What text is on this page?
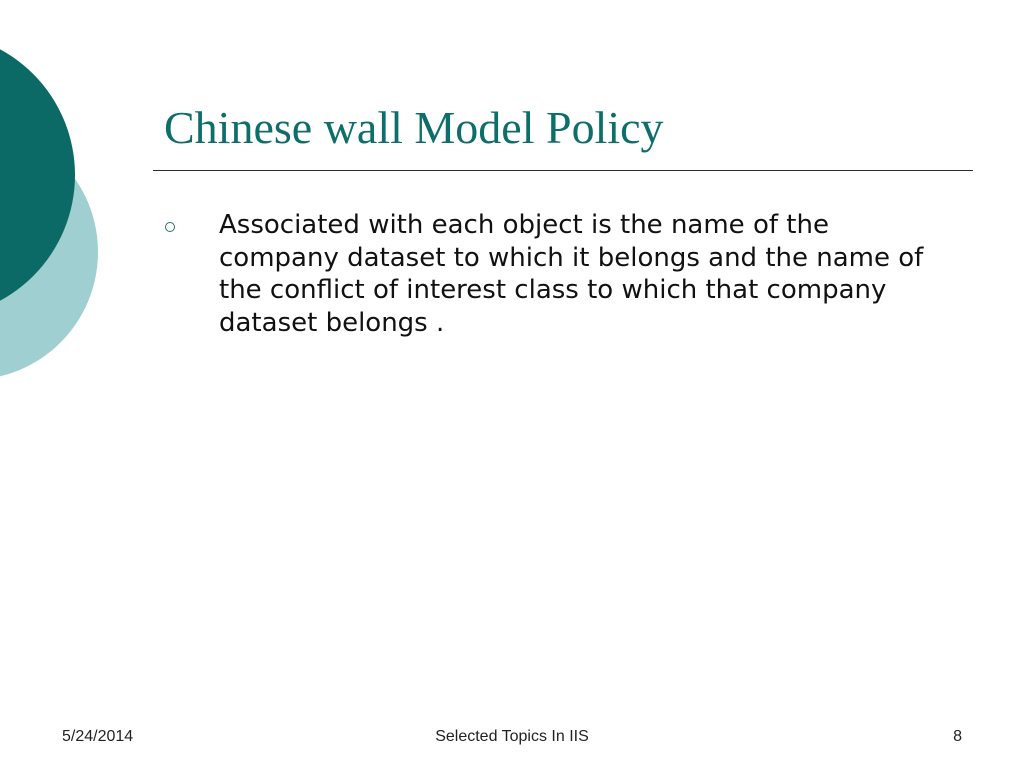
Chinese wall Model Policy
Associated with each object is the name of the company dataset to which it belongs and the name of the conflict of interest class to which that company dataset belongs .
5/24/2014	Selected Topics In IIS	8
